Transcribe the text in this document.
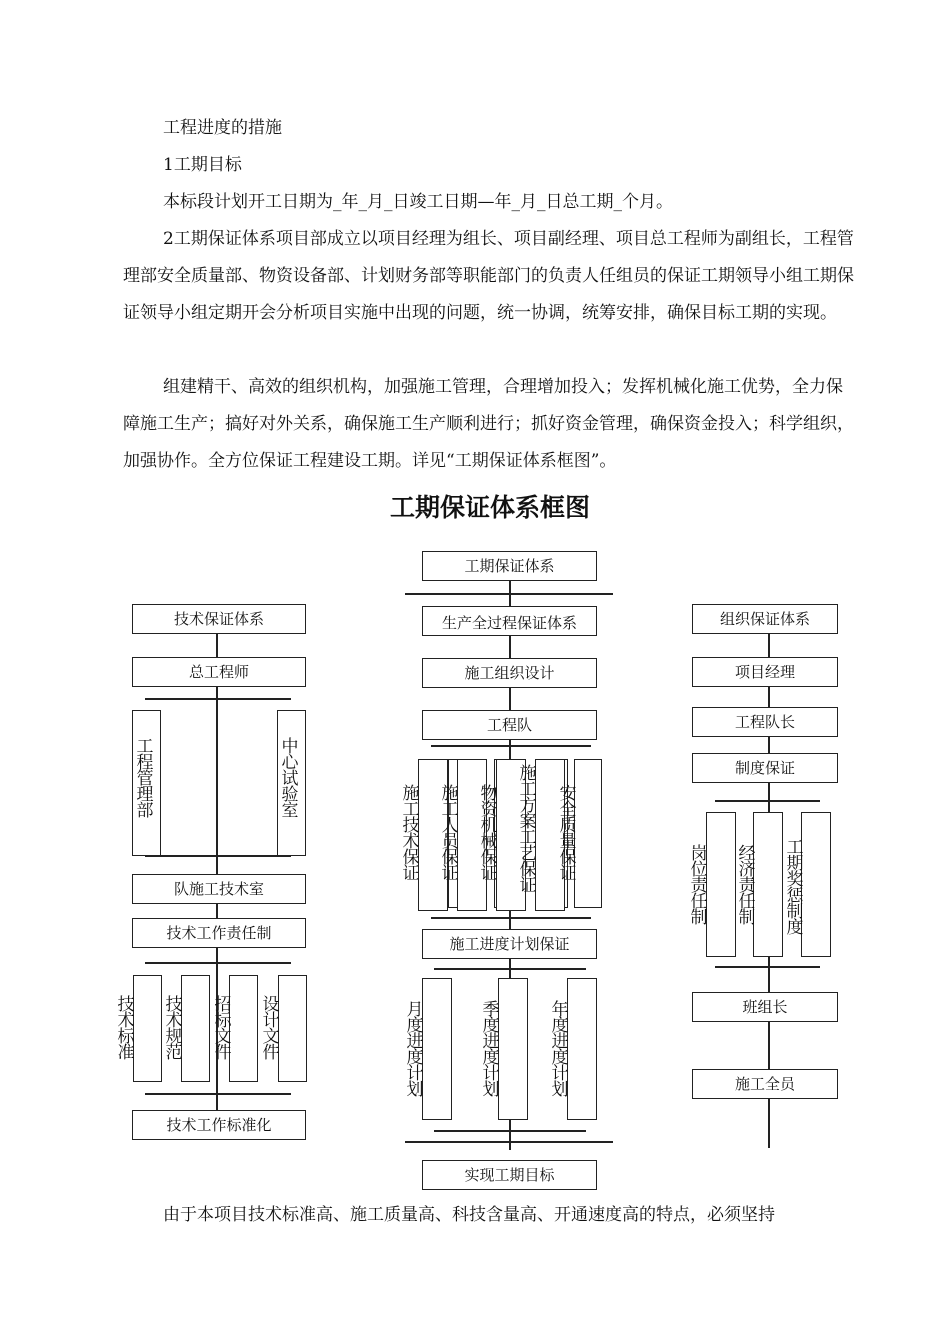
工程进度的措施

1工期目标

本标段计划开工日期为_年_月_日竣工日期—年_月_日总工期_个月。

2工期保证体系项目部成立以项目经理为组长、项目副经理、项目总工程师为副组长，工程管理部安全质量部、物资设备部、计划财务部等职能部门的负责人任组员的保证工期领导小组工期保证领导小组定期开会分析项目实施中出现的问题，统一协调，统筹安排，确保目标工期的实现。

组建精干、高效的组织机构，加强施工管理，合理增加投入；发挥机械化施工优势，全力保障施工生产；搞好对外关系，确保施工生产顺利进行；抓好资金管理，确保资金投入；科学组织，加强协作。全方位保证工程建设工期。详见“工期保证体系框图”。

工期保证体系框图
工期保证体系
实现工期目标
技术保证体系
总工程师
工程管理部
中心试验室
队施工技术室
技术工作责任制
技术标准
技术规范
招标文件
设计文件
技术工作标准化
生产全过程保证体系
施工组织设计
工程队
施工技术保证
施工人员保证
物资机械保证
施工方案工艺保证
安全质量保证
施工进度计划保证
月度进度计划
季度进度计划
年度进度计划
组织保证体系
项目经理
工程队长
制度保证
岗位责任制
经济责任制
工期奖惩制度
班组长
施工全员

由于本项目技术标准高、施工质量高、科技含量高、开通速度高的特点，必须坚持
